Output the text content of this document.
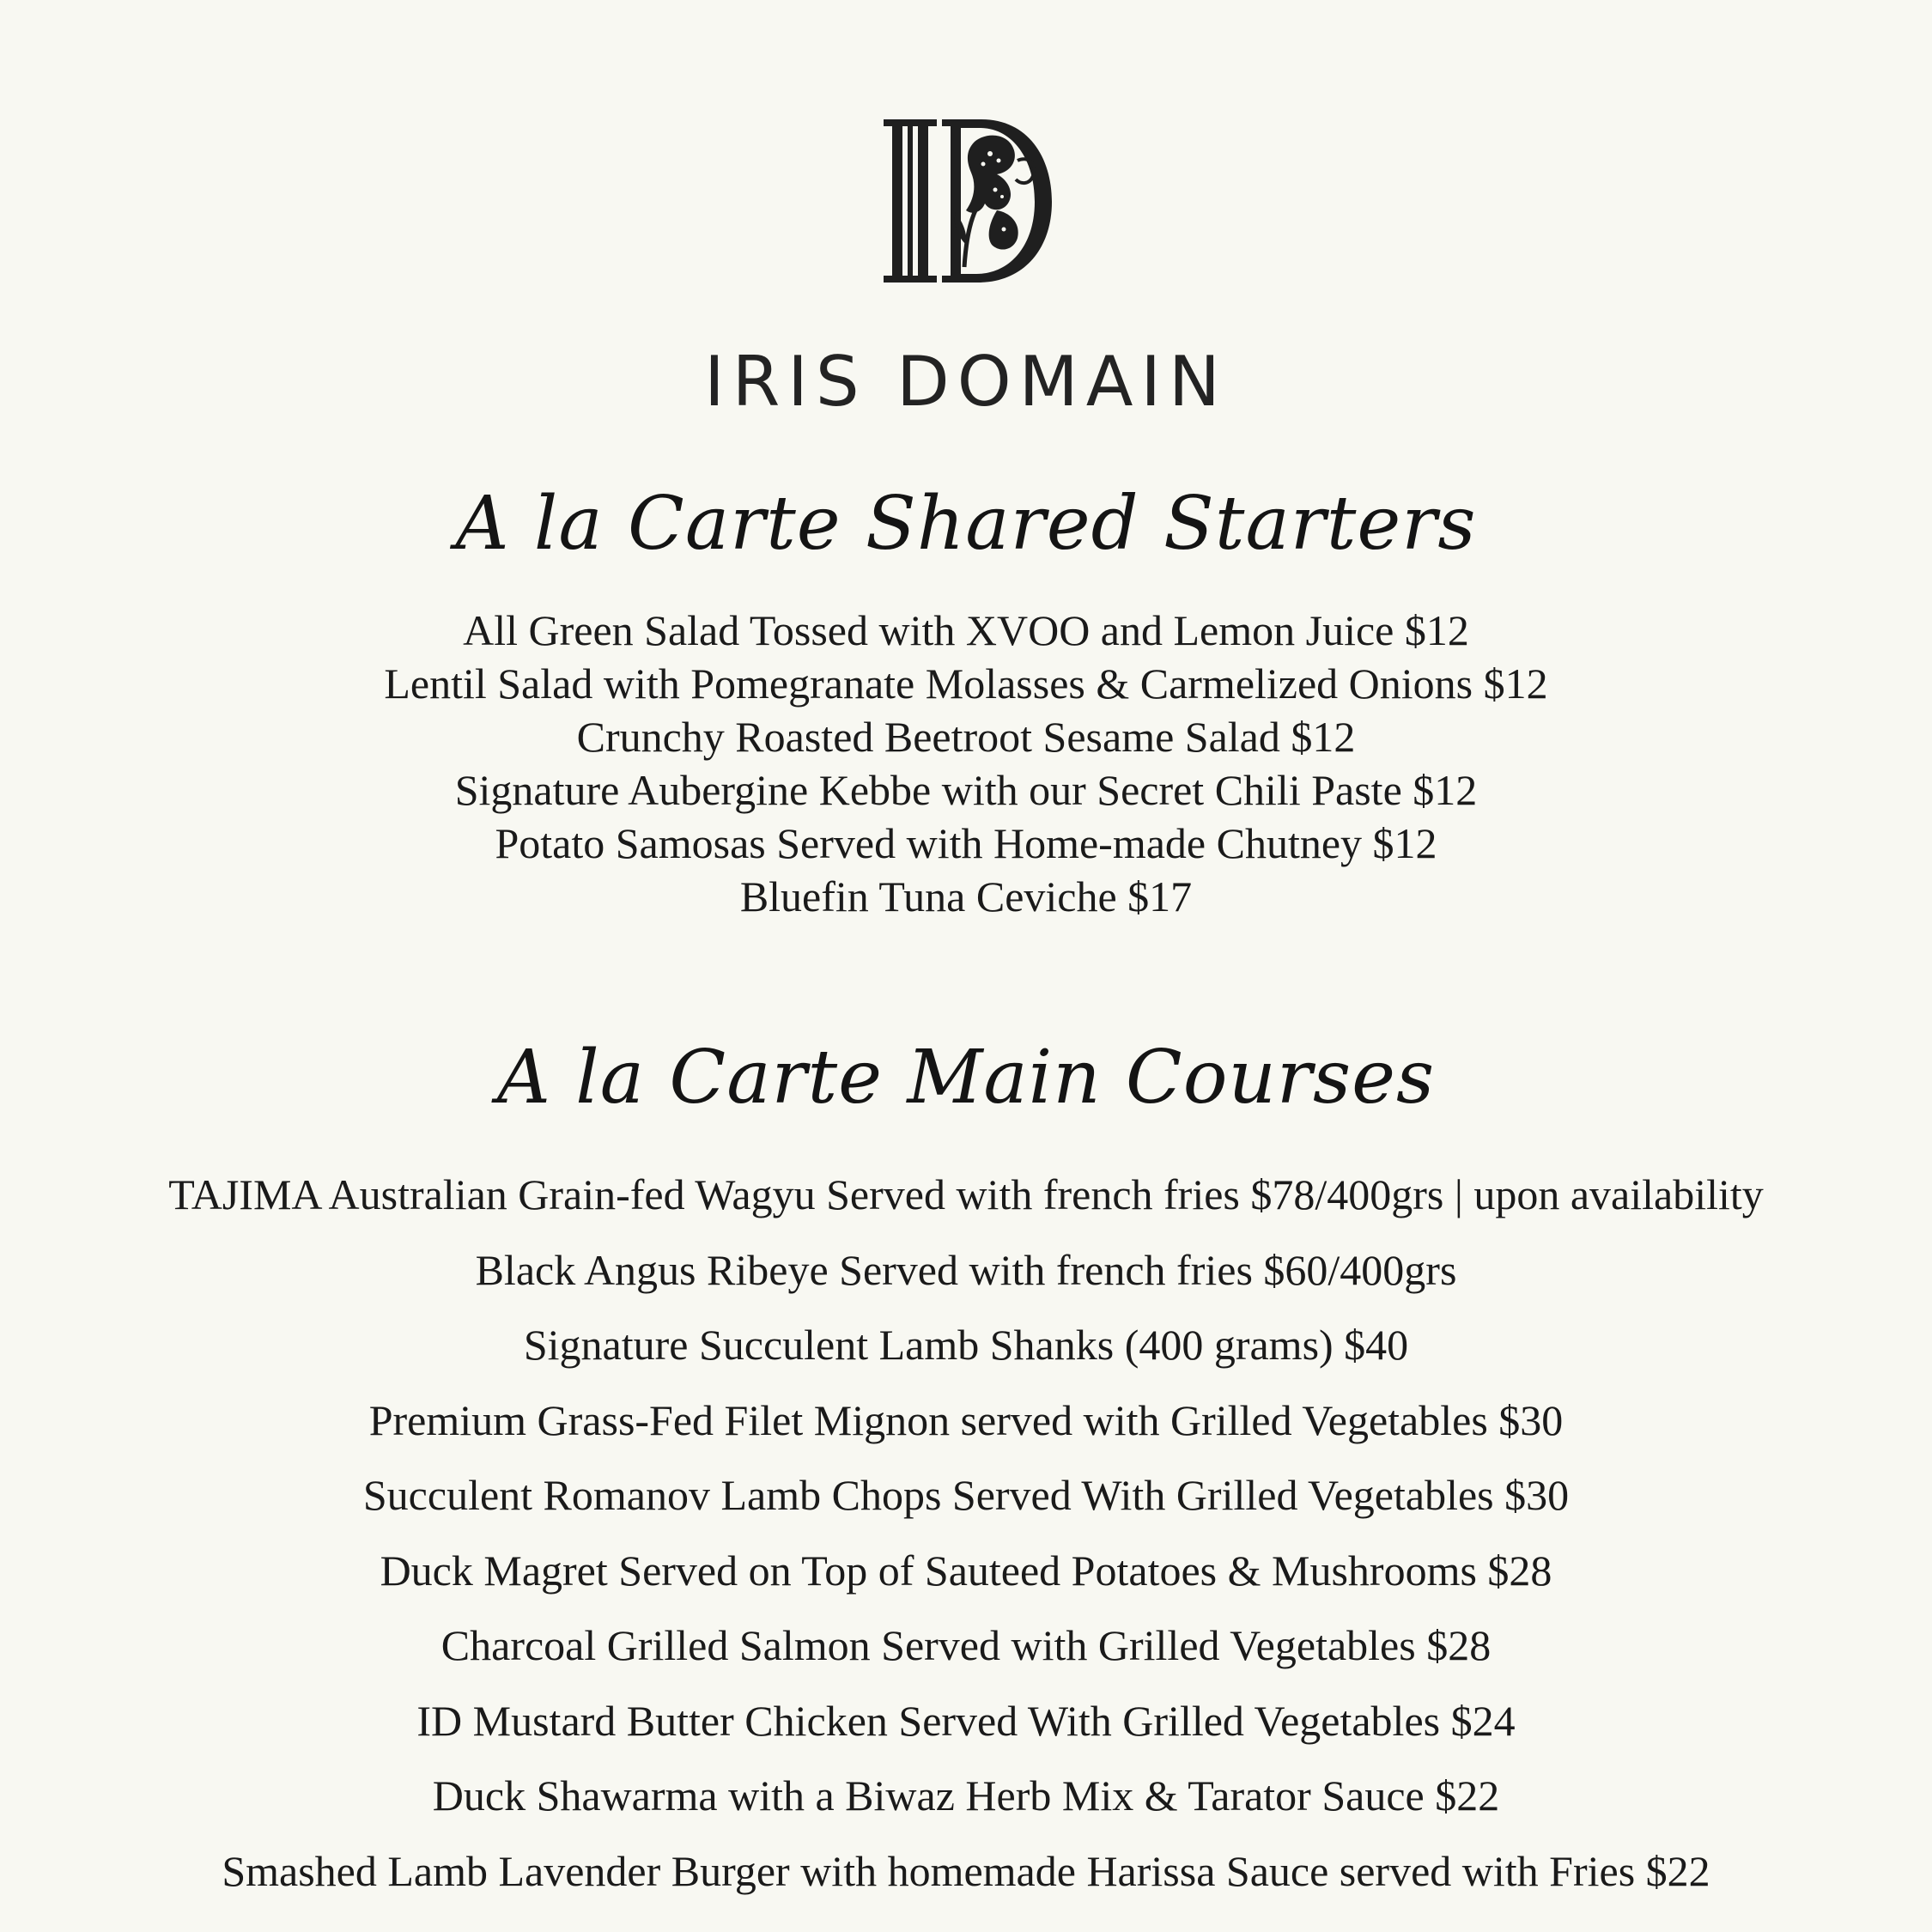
IRIS DOMAIN
A la Carte Shared Starters
All Green Salad Tossed with XVOO and Lemon Juice $12
Lentil Salad with Pomegranate Molasses & Carmelized Onions $12
Crunchy Roasted Beetroot Sesame Salad $12
Signature Aubergine Kebbe with our Secret Chili Paste $12
Potato Samosas Served with Home-made Chutney $12
Bluefin Tuna Ceviche $17
A la Carte Main Courses
TAJIMA Australian Grain-fed Wagyu Served with french fries $78/400grs | upon availability
Black Angus Ribeye Served with french fries $60/400grs
Signature Succulent Lamb Shanks (400 grams) $40
Premium Grass-Fed Filet Mignon served with Grilled Vegetables $30
Succulent Romanov Lamb Chops Served With Grilled Vegetables $30
Duck Magret Served on Top of Sauteed Potatoes & Mushrooms $28
Charcoal Grilled Salmon Served with Grilled Vegetables $28
ID Mustard Butter Chicken Served With Grilled Vegetables $24
Duck Shawarma with a Biwaz Herb Mix & Tarator Sauce $22
Smashed Lamb Lavender Burger with homemade Harissa Sauce served with Fries $22
